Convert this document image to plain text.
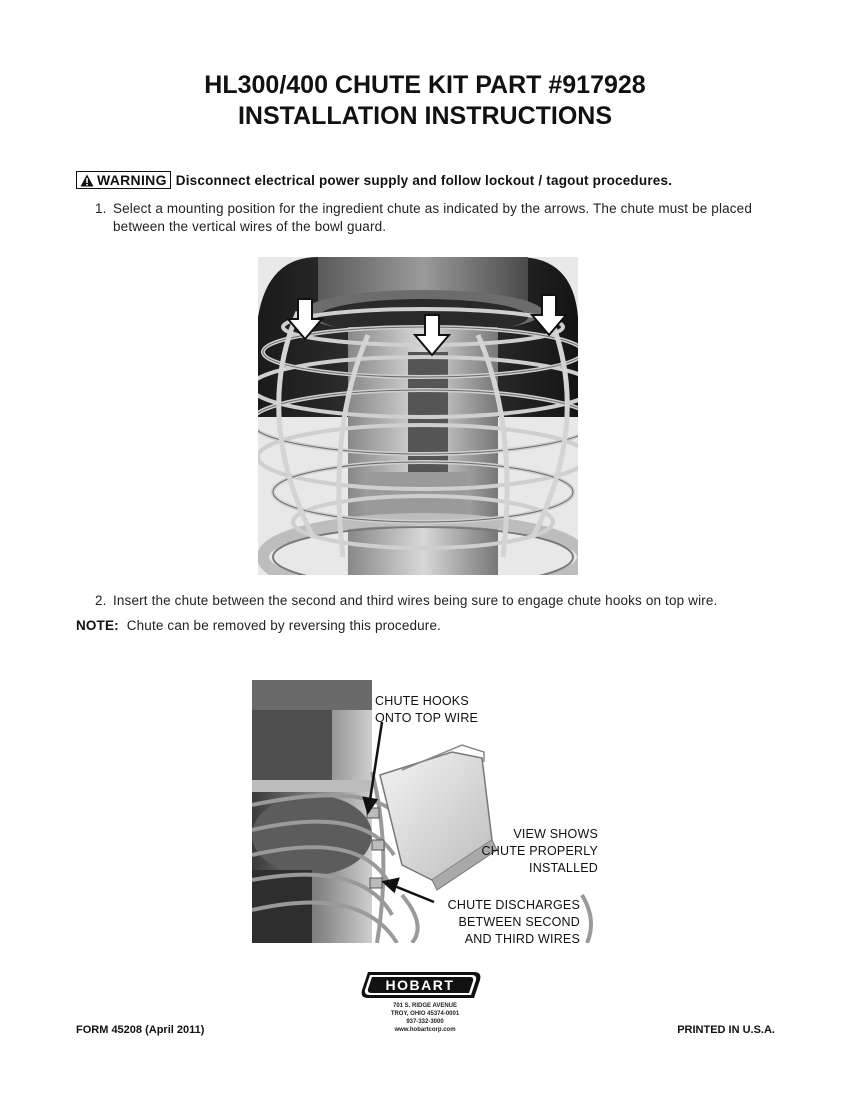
HL300/400 CHUTE KIT PART #917928
INSTALLATION INSTRUCTIONS
WARNING Disconnect electrical power supply and follow lockout / tagout procedures.
1. Select a mounting position for the ingredient chute as indicated by the arrows. The chute must be placed between the vertical wires of the bowl guard.
2. Insert the chute between the second and third wires being sure to engage chute hooks on top wire.
NOTE: Chute can be removed by reversing this procedure.
CHUTE HOOKS
ONTO TOP WIRE
VIEW SHOWS
CHUTE PROPERLY
INSTALLED
CHUTE DISCHARGES
BETWEEN SECOND
AND THIRD WIRES
HOBART
701 S. RIDGE AVENUE
TROY, OHIO 45374-0001
937-332-3000
www.hobartcorp.com
FORM 45208 (April 2011)	PRINTED IN U.S.A.
